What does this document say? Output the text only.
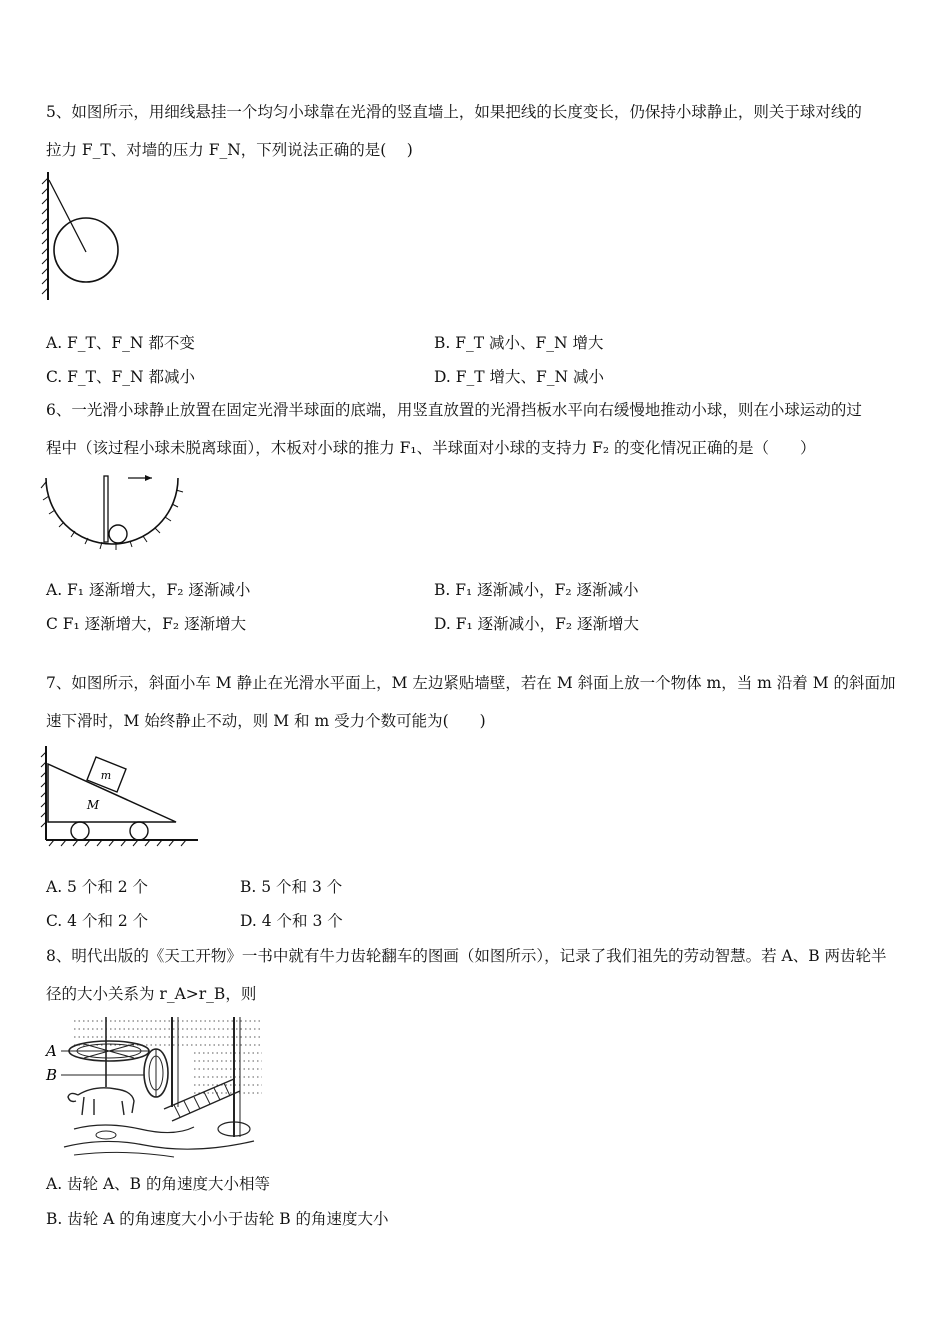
5、如图所示，用细线悬挂一个均匀小球靠在光滑的竖直墙上，如果把线的长度变长，仍保持小球静止，则关于球对线的
拉力 F_T、对墙的压力 F_N，下列说法正确的是(　 )
A. F_T、F_N 都不变	B. F_T 减小、F_N 增大
C. F_T、F_N 都减小	D. F_T 增大、F_N 减小
6、一光滑小球静止放置在固定光滑半球面的底端，用竖直放置的光滑挡板水平向右缓慢地推动小球，则在小球运动的过
程中（该过程小球未脱离球面），木板对小球的推力 F₁、半球面对小球的支持力 F₂ 的变化情况正确的是（　　）
A. F₁ 逐渐增大，F₂ 逐渐减小	B. F₁ 逐渐减小，F₂ 逐渐减小
C F₁ 逐渐增大，F₂ 逐渐增大	D. F₁ 逐渐减小，F₂ 逐渐增大
7、如图所示，斜面小车 M 静止在光滑水平面上，M 左边紧贴墙壁，若在 M 斜面上放一个物体 m，当 m 沿着 M 的斜面加
速下滑时，M 始终静止不动，则 M 和 m 受力个数可能为(　　)
m
M
A. 5 个和 2 个	B. 5 个和 3 个
C. 4 个和 2 个	D. 4 个和 3 个
8、明代出版的《天工开物》一书中就有牛力齿轮翻车的图画（如图所示），记录了我们祖先的劳动智慧。若 A、B 两齿轮半
径的大小关系为 r_A>r_B，则
A
B
A. 齿轮 A、B 的角速度大小相等
B. 齿轮 A 的角速度大小小于齿轮 B 的角速度大小
